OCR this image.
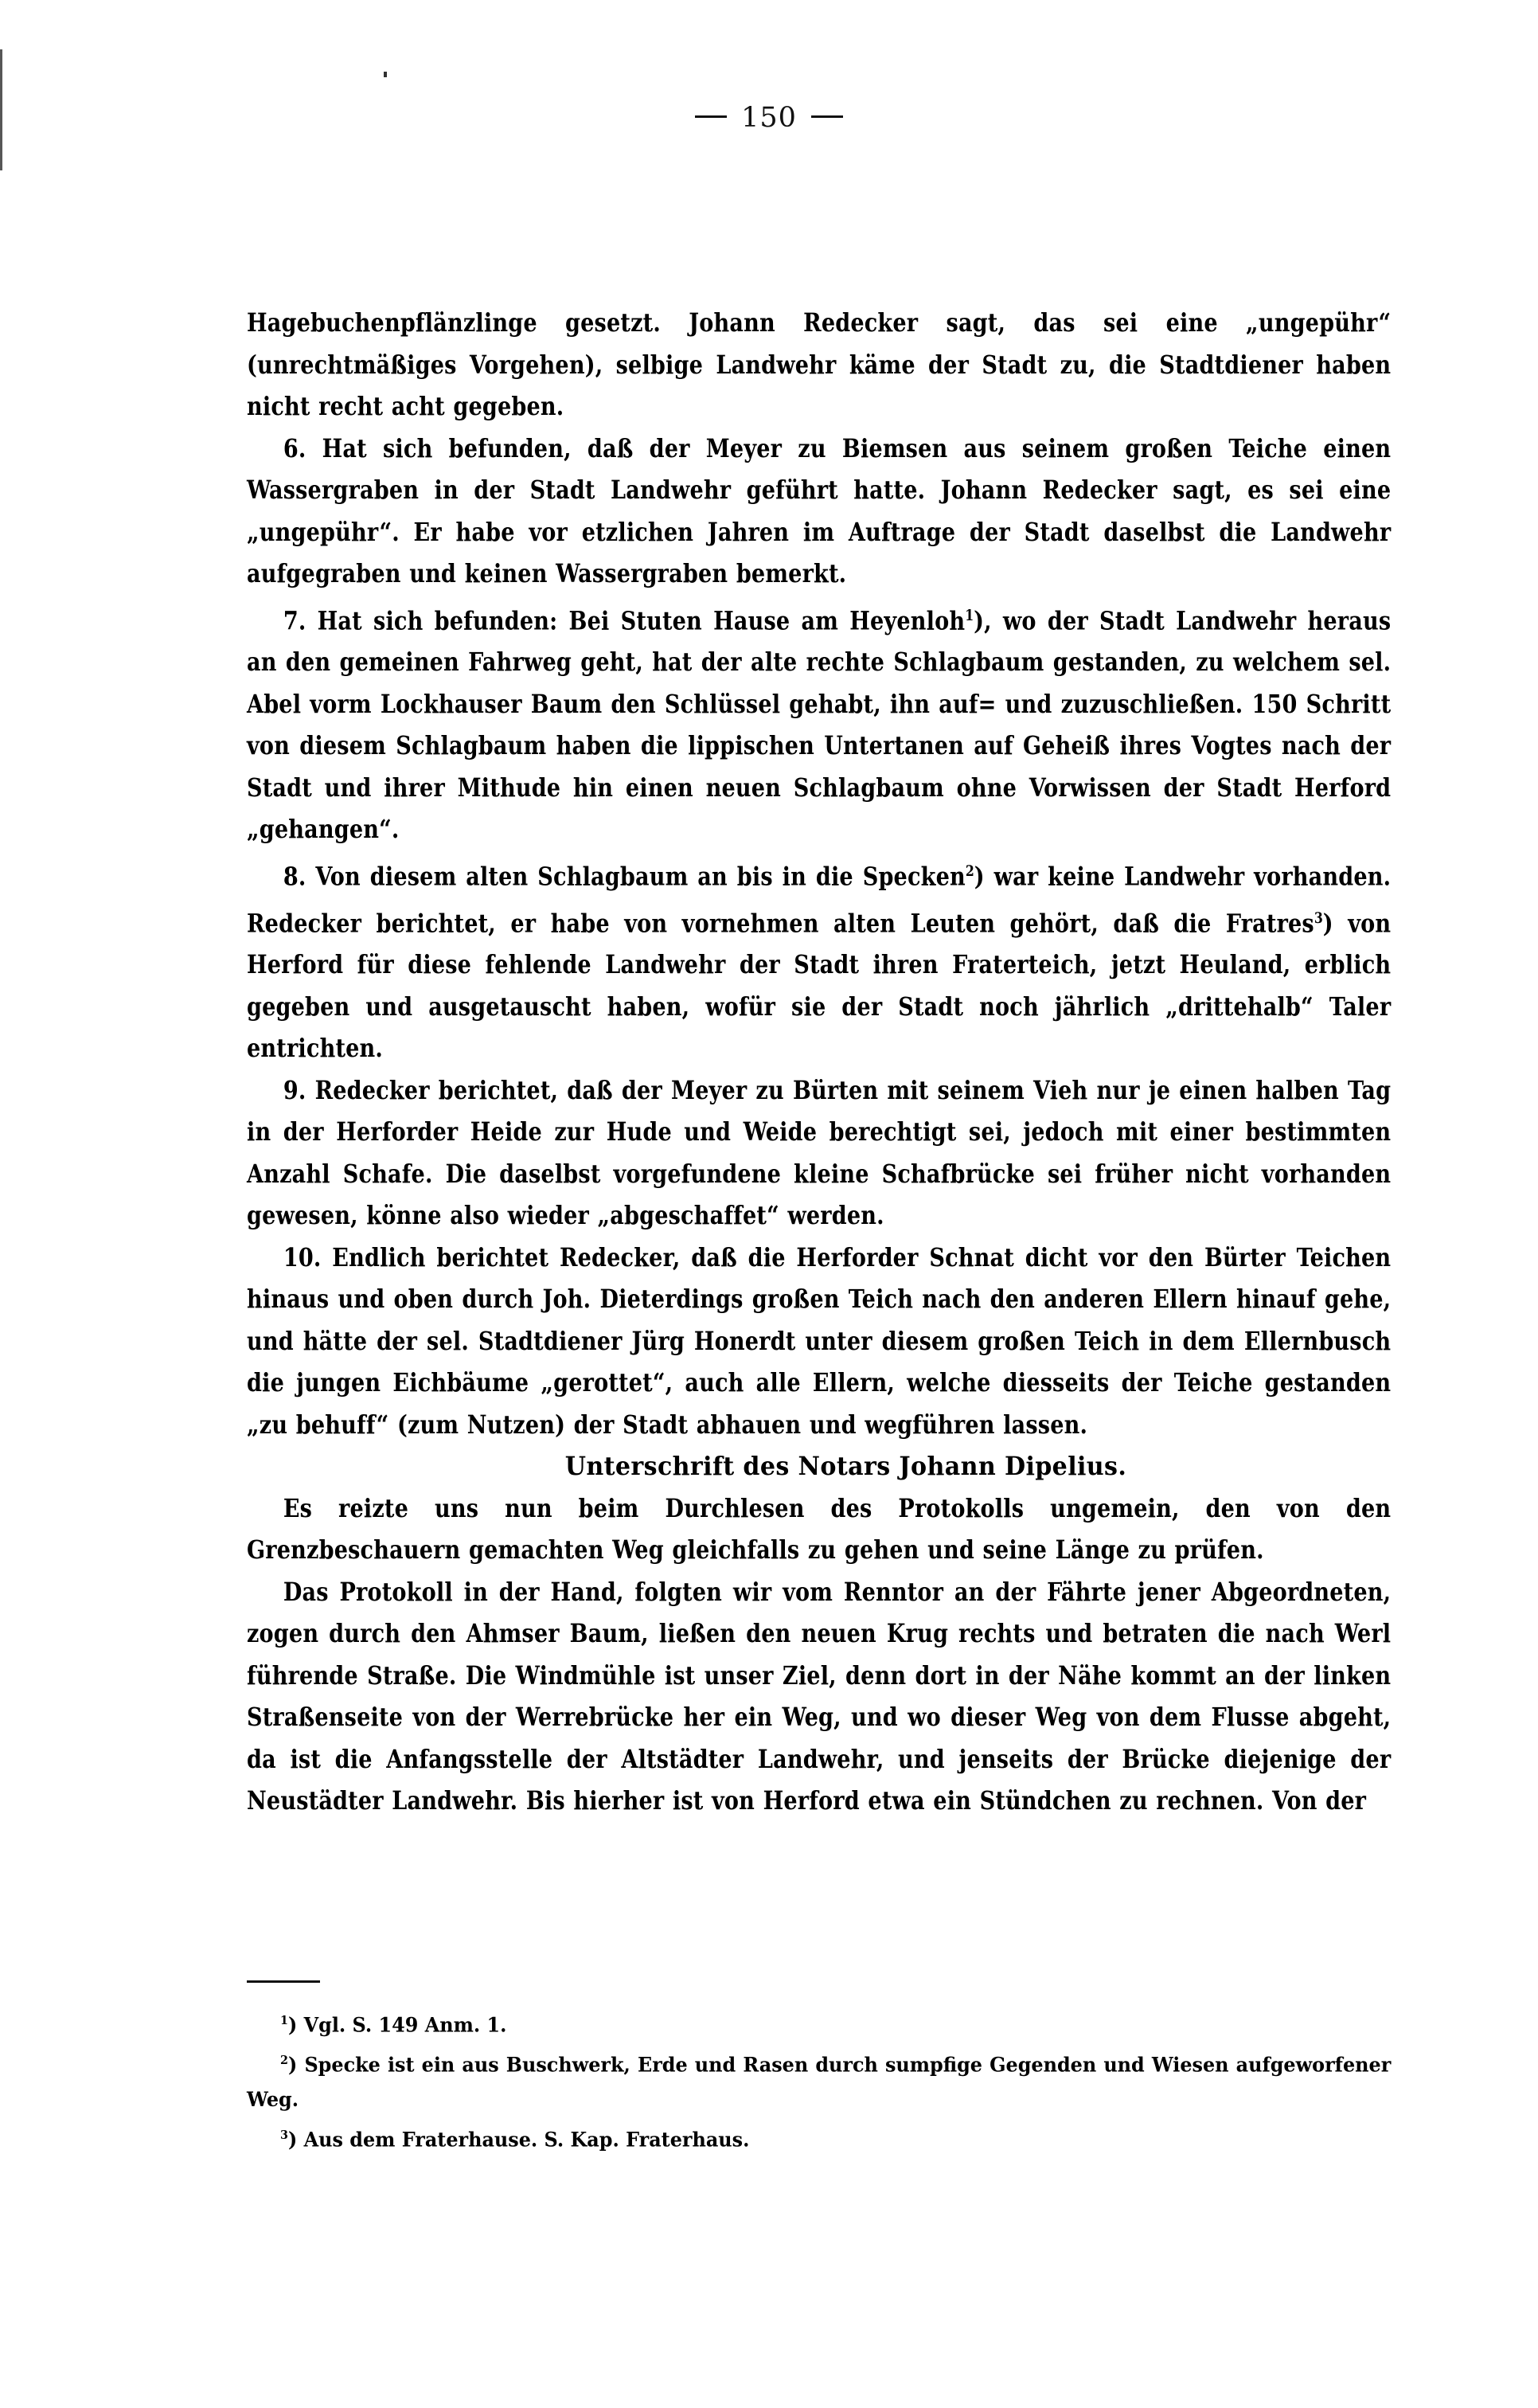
150

Hagebuchenpflänzlinge gesetzt. Johann Redecker sagt, das sei eine „ungepühr“ (unrechtmäßiges Vorgehen), selbige Landwehr käme der Stadt zu, die Stadtdiener haben nicht recht acht gegeben.

6. Hat sich befunden, daß der Meyer zu Biemsen aus seinem großen Teiche einen Wassergraben in der Stadt Landwehr geführt hatte. Johann Redecker sagt, es sei eine „ungepühr“. Er habe vor etzlichen Jahren im Auftrage der Stadt daselbst die Landwehr aufgegraben und keinen Wassergraben bemerkt.

7. Hat sich befunden: Bei Stuten Hause am Heyenloh$^1$), wo der Stadt Landwehr heraus an den gemeinen Fahrweg geht, hat der alte rechte Schlagbaum gestanden, zu welchem sel. Abel vorm Lockhauser Baum den Schlüssel gehabt, ihn auf= und zuzuschließen. 150 Schritt von diesem Schlagbaum haben die lippischen Untertanen auf Geheiß ihres Vogtes nach der Stadt und ihrer Mithude hin einen neuen Schlagbaum ohne Vorwissen der Stadt Herford „gehangen“.

8. Von diesem alten Schlagbaum an bis in die Specken$^2$) war keine Landwehr vorhanden. Redecker berichtet, er habe von vornehmen alten Leuten gehört, daß die Fratres$^3$) von Herford für diese fehlende Landwehr der Stadt ihren Fraterteich, jetzt Heuland, erblich gegeben und ausgetauscht haben, wofür sie der Stadt noch jährlich „drittehalb“ Taler entrichten.

9. Redecker berichtet, daß der Meyer zu Bürten mit seinem Vieh nur je einen halben Tag in der Herforder Heide zur Hude und Weide berechtigt sei, jedoch mit einer bestimmten Anzahl Schafe. Die daselbst vorgefundene kleine Schafbrücke sei früher nicht vorhanden gewesen, könne also wieder „abgeschaffet“ werden.

10. Endlich berichtet Redecker, daß die Herforder Schnat dicht vor den Bürter Teichen hinaus und oben durch Joh. Dieterdings großen Teich nach den anderen Ellern hinauf gehe, und hätte der sel. Stadtdiener Jürg Honerdt unter diesem großen Teich in dem Ellernbusch die jungen Eichbäume „gerottet“, auch alle Ellern, welche diesseits der Teiche gestanden „zu behuff“ (zum Nutzen) der Stadt abhauen und wegführen lassen.

Unterschrift des Notars Johann Dipelius.

Es reizte uns nun beim Durchlesen des Protokolls ungemein, den von den Grenzbeschauern gemachten Weg gleichfalls zu gehen und seine Länge zu prüfen.

Das Protokoll in der Hand, folgten wir vom Renntor an der Fährte jener Abgeordneten, zogen durch den Ahmser Baum, ließen den neuen Krug rechts und betraten die nach Werl führende Straße. Die Windmühle ist unser Ziel, denn dort in der Nähe kommt an der linken Straßenseite von der Werrebrücke her ein Weg, und wo dieser Weg von dem Flusse abgeht, da ist die Anfangsstelle der Altstädter Landwehr, und jenseits der Brücke diejenige der Neustädter Landwehr. Bis hierher ist von Herford etwa ein Stündchen zu rechnen. Von der

$^1$) Vgl. S. 149 Anm. 1.

$^2$) Specke ist ein aus Buschwerk, Erde und Rasen durch sumpfige Gegenden und Wiesen aufgeworfener Weg.

$^3$) Aus dem Fraterhause. S. Kap. Fraterhaus.
